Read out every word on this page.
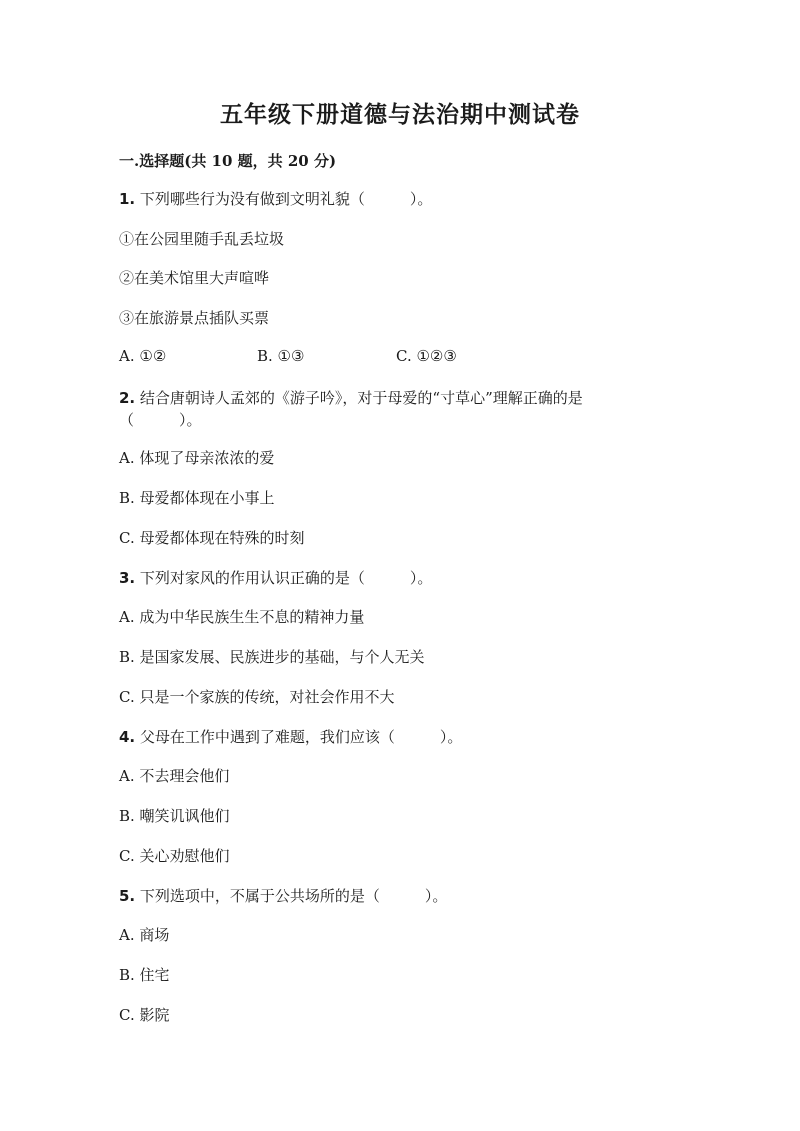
五年级下册道德与法治期中测试卷
一.选择题(共 10 题，共 20 分)
1. 下列哪些行为没有做到文明礼貌（　　　）。
①在公园里随手乱丢垃圾
②在美术馆里大声喧哗
③在旅游景点插队买票
A. ①②	B. ①③	C. ①②③
2. 结合唐朝诗人孟郊的《游子吟》，对于母爱的“寸草心”理解正确的是
（　　　）。
A. 体现了母亲浓浓的爱
B. 母爱都体现在小事上
C. 母爱都体现在特殊的时刻
3. 下列对家风的作用认识正确的是（　　　）。
A. 成为中华民族生生不息的精神力量
B. 是国家发展、民族进步的基础，与个人无关
C. 只是一个家族的传统，对社会作用不大
4. 父母在工作中遇到了难题，我们应该（　　　）。
A. 不去理会他们
B. 嘲笑讥讽他们
C. 关心劝慰他们
5. 下列选项中，不属于公共场所的是（　　　）。
A. 商场
B. 住宅
C. 影院
